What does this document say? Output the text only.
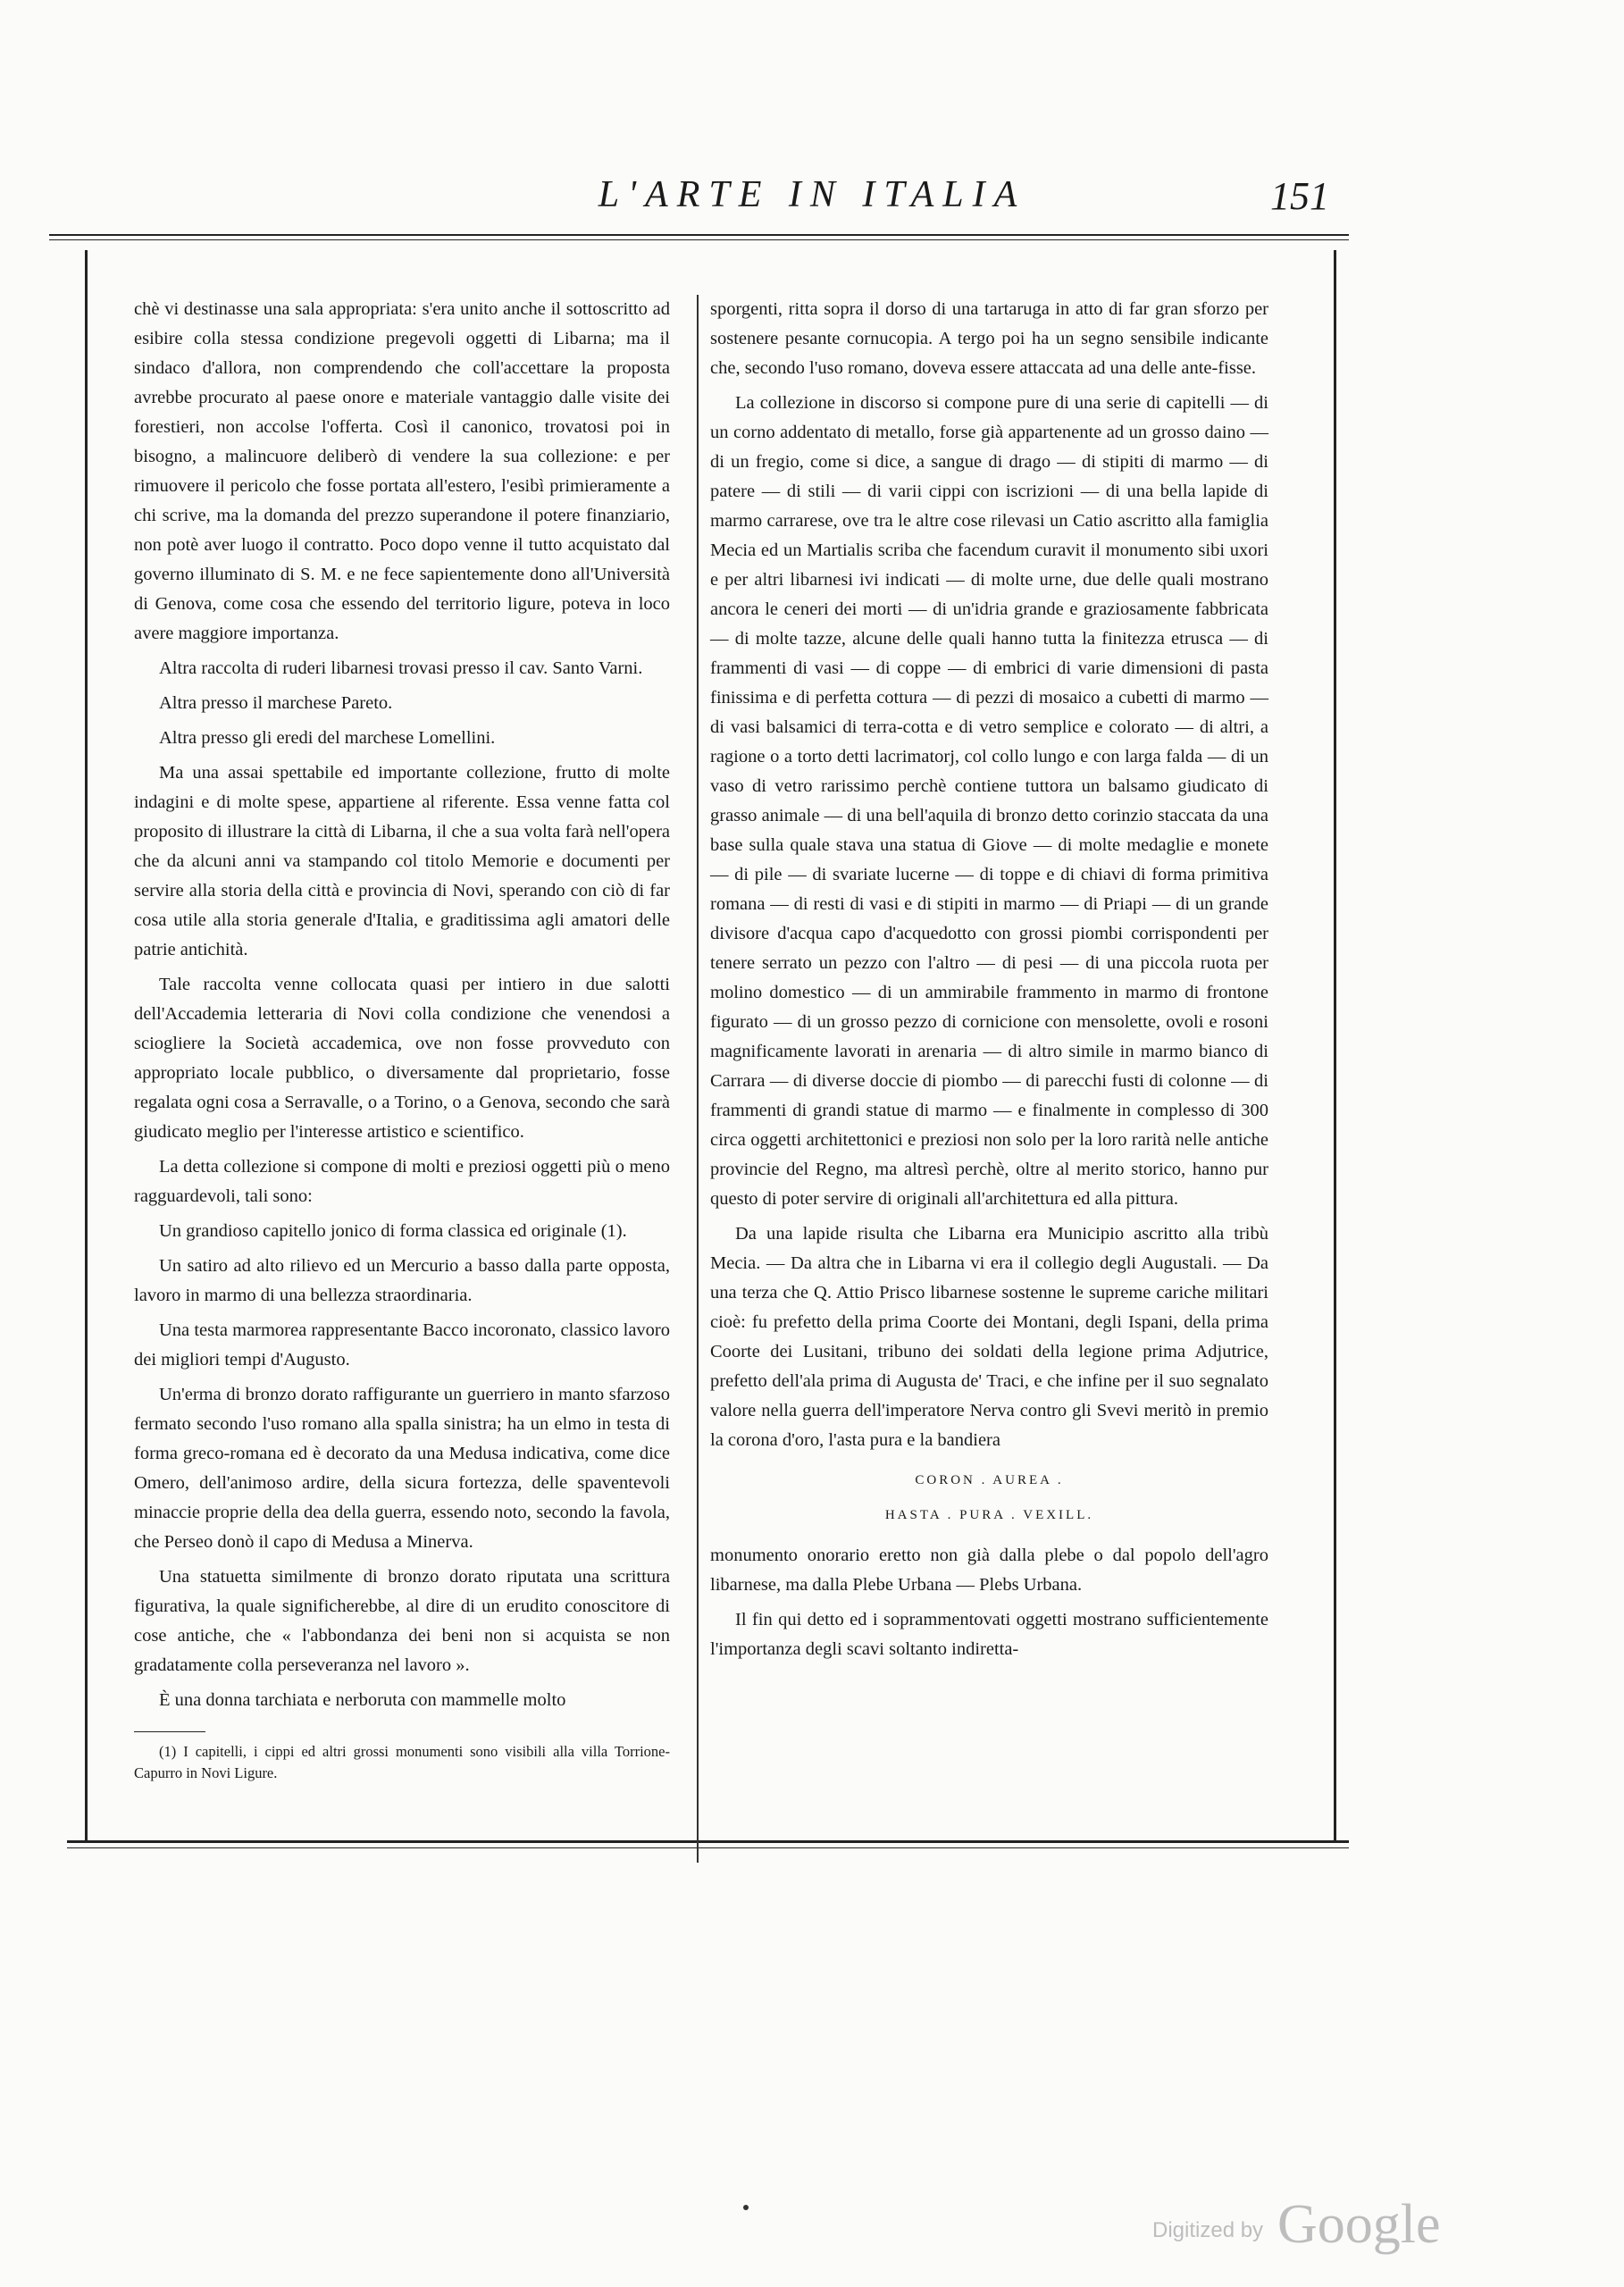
L'ARTE IN ITALIA	151

chè vi destinasse una sala appropriata: s'era unito anche il sottoscritto ad esibire colla stessa condizione pregevoli oggetti di Libarna; ma il sindaco d'allora, non comprendendo che coll'accettare la proposta avrebbe procurato al paese onore e materiale vantaggio dalle visite dei forestieri, non accolse l'offerta. Così il canonico, trovatosi poi in bisogno, a malincuore deliberò di vendere la sua collezione: e per rimuovere il pericolo che fosse portata all'estero, l'esibì primieramente a chi scrive, ma la domanda del prezzo superandone il potere finanziario, non potè aver luogo il contratto. Poco dopo venne il tutto acquistato dal governo illuminato di S. M. e ne fece sapientemente dono all'Università di Genova, come cosa che essendo del territorio ligure, poteva in loco avere maggiore importanza.

Altra raccolta di ruderi libarnesi trovasi presso il cav. Santo Varni.

Altra presso il marchese Pareto.

Altra presso gli eredi del marchese Lomellini.

Ma una assai spettabile ed importante collezione, frutto di molte indagini e di molte spese, appartiene al riferente. Essa venne fatta col proposito di illustrare la città di Libarna, il che a sua volta farà nell'opera che da alcuni anni va stampando col titolo Memorie e documenti per servire alla storia della città e provincia di Novi, sperando con ciò di far cosa utile alla storia generale d'Italia, e graditissima agli amatori delle patrie antichità.

Tale raccolta venne collocata quasi per intiero in due salotti dell'Accademia letteraria di Novi colla condizione che venendosi a sciogliere la Società accademica, ove non fosse provveduto con appropriato locale pubblico, o diversamente dal proprietario, fosse regalata ogni cosa a Serravalle, o a Torino, o a Genova, secondo che sarà giudicato meglio per l'interesse artistico e scientifico.

La detta collezione si compone di molti e preziosi oggetti più o meno ragguardevoli, tali sono:

Un grandioso capitello jonico di forma classica ed originale (1).

Un satiro ad alto rilievo ed un Mercurio a basso dalla parte opposta, lavoro in marmo di una bellezza straordinaria.

Una testa marmorea rappresentante Bacco incoronato, classico lavoro dei migliori tempi d'Augusto.

Un'erma di bronzo dorato raffigurante un guerriero in manto sfarzoso fermato secondo l'uso romano alla spalla sinistra; ha un elmo in testa di forma greco-romana ed è decorato da una Medusa indicativa, come dice Omero, dell'animoso ardire, della sicura fortezza, delle spaventevoli minaccie proprie della dea della guerra, essendo noto, secondo la favola, che Perseo donò il capo di Medusa a Minerva.

Una statuetta similmente di bronzo dorato riputata una scrittura figurativa, la quale significherebbe, al dire di un erudito conoscitore di cose antiche, che « l'abbondanza dei beni non si acquista se non gradatamente colla perseveranza nel lavoro ».

È una donna tarchiata e nerboruta con mammelle molto

(1) I capitelli, i cippi ed altri grossi monumenti sono visibili alla villa Torrione-Capurro in Novi Ligure.

sporgenti, ritta sopra il dorso di una tartaruga in atto di far gran sforzo per sostenere pesante cornucopia. A tergo poi ha un segno sensibile indicante che, secondo l'uso romano, doveva essere attaccata ad una delle ante-fisse.

La collezione in discorso si compone pure di una serie di capitelli — di un corno addentato di metallo, forse già appartenente ad un grosso daino — di un fregio, come si dice, a sangue di drago — di stipiti di marmo — di patere — di stili — di varii cippi con iscrizioni — di una bella lapide di marmo carrarese, ove tra le altre cose rilevasi un Catio ascritto alla famiglia Mecia ed un Martialis scriba che facendum curavit il monumento sibi uxori e per altri libarnesi ivi indicati — di molte urne, due delle quali mostrano ancora le ceneri dei morti — di un'idria grande e graziosamente fabbricata — di molte tazze, alcune delle quali hanno tutta la finitezza etrusca — di frammenti di vasi — di coppe — di embrici di varie dimensioni di pasta finissima e di perfetta cottura — di pezzi di mosaico a cubetti di marmo — di vasi balsamici di terra-cotta e di vetro semplice e colorato — di altri, a ragione o a torto detti lacrimatorj, col collo lungo e con larga falda — di un vaso di vetro rarissimo perchè contiene tuttora un balsamo giudicato di grasso animale — di una bell'aquila di bronzo detto corinzio staccata da una base sulla quale stava una statua di Giove — di molte medaglie e monete — di pile — di svariate lucerne — di toppe e di chiavi di forma primitiva romana — di resti di vasi e di stipiti in marmo — di Priapi — di un grande divisore d'acqua capo d'acquedotto con grossi piombi corrispondenti per tenere serrato un pezzo con l'altro — di pesi — di una piccola ruota per molino domestico — di un ammirabile frammento in marmo di frontone figurato — di un grosso pezzo di cornicione con mensolette, ovoli e rosoni magnificamente lavorati in arenaria — di altro simile in marmo bianco di Carrara — di diverse doccie di piombo — di parecchi fusti di colonne — di frammenti di grandi statue di marmo — e finalmente in complesso di 300 circa oggetti architettonici e preziosi non solo per la loro rarità nelle antiche provincie del Regno, ma altresì perchè, oltre al merito storico, hanno pur questo di poter servire di originali all'architettura ed alla pittura.

Da una lapide risulta che Libarna era Municipio ascritto alla tribù Mecia. — Da altra che in Libarna vi era il collegio degli Augustali. — Da una terza che Q. Attio Prisco libarnese sostenne le supreme cariche militari cioè: fu prefetto della prima Coorte dei Montani, degli Ispani, della prima Coorte dei Lusitani, tribuno dei soldati della legione prima Adjutrice, prefetto dell'ala prima di Augusta de' Traci, e che infine per il suo segnalato valore nella guerra dell'imperatore Nerva contro gli Svevi meritò in premio la corona d'oro, l'asta pura e la bandiera

CORON . AUREA .
HASTA . PURA . VEXILL.

monumento onorario eretto non già dalla plebe o dal popolo dell'agro libarnese, ma dalla Plebe Urbana — Plebs Urbana.

Il fin qui detto ed i soprammentovati oggetti mostrano sufficientemente l'importanza degli scavi soltanto indiretta-

Digitized by Google
